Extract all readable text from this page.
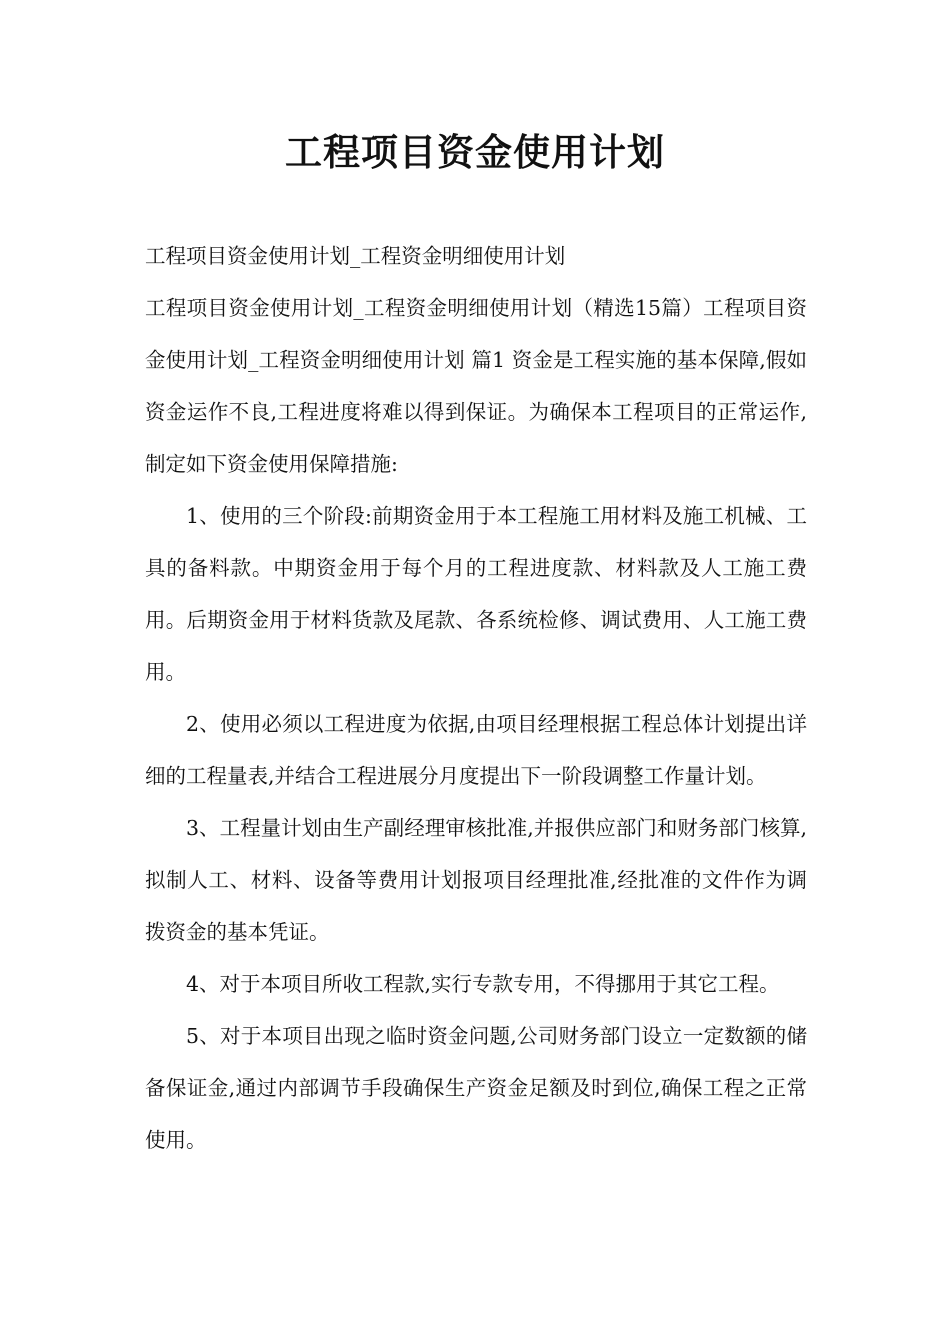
工程项目资金使用计划

工程项目资金使用计划_工程资金明细使用计划

工程项目资金使用计划_工程资金明细使用计划（精选15篇）工程项目资金使用计划_工程资金明细使用计划 篇1 资金是工程实施的基本保障,假如资金运作不良,工程进度将难以得到保证。为确保本工程项目的正常运作,制定如下资金使用保障措施:

1、使用的三个阶段:前期资金用于本工程施工用材料及施工机械、工具的备料款。中期资金用于每个月的工程进度款、材料款及人工施工费用。后期资金用于材料货款及尾款、各系统检修、调试费用、人工施工费用。

2、使用必须以工程进度为依据,由项目经理根据工程总体计划提出详细的工程量表,并结合工程进展分月度提出下一阶段调整工作量计划。

3、工程量计划由生产副经理审核批准,并报供应部门和财务部门核算,拟制人工、材料、设备等费用计划报项目经理批准,经批准的文件作为调拨资金的基本凭证。

4、对于本项目所收工程款,实行专款专用，不得挪用于其它工程。

5、对于本项目出现之临时资金问题,公司财务部门设立一定数额的储备保证金,通过内部调节手段确保生产资金足额及时到位,确保工程之正常使用。
